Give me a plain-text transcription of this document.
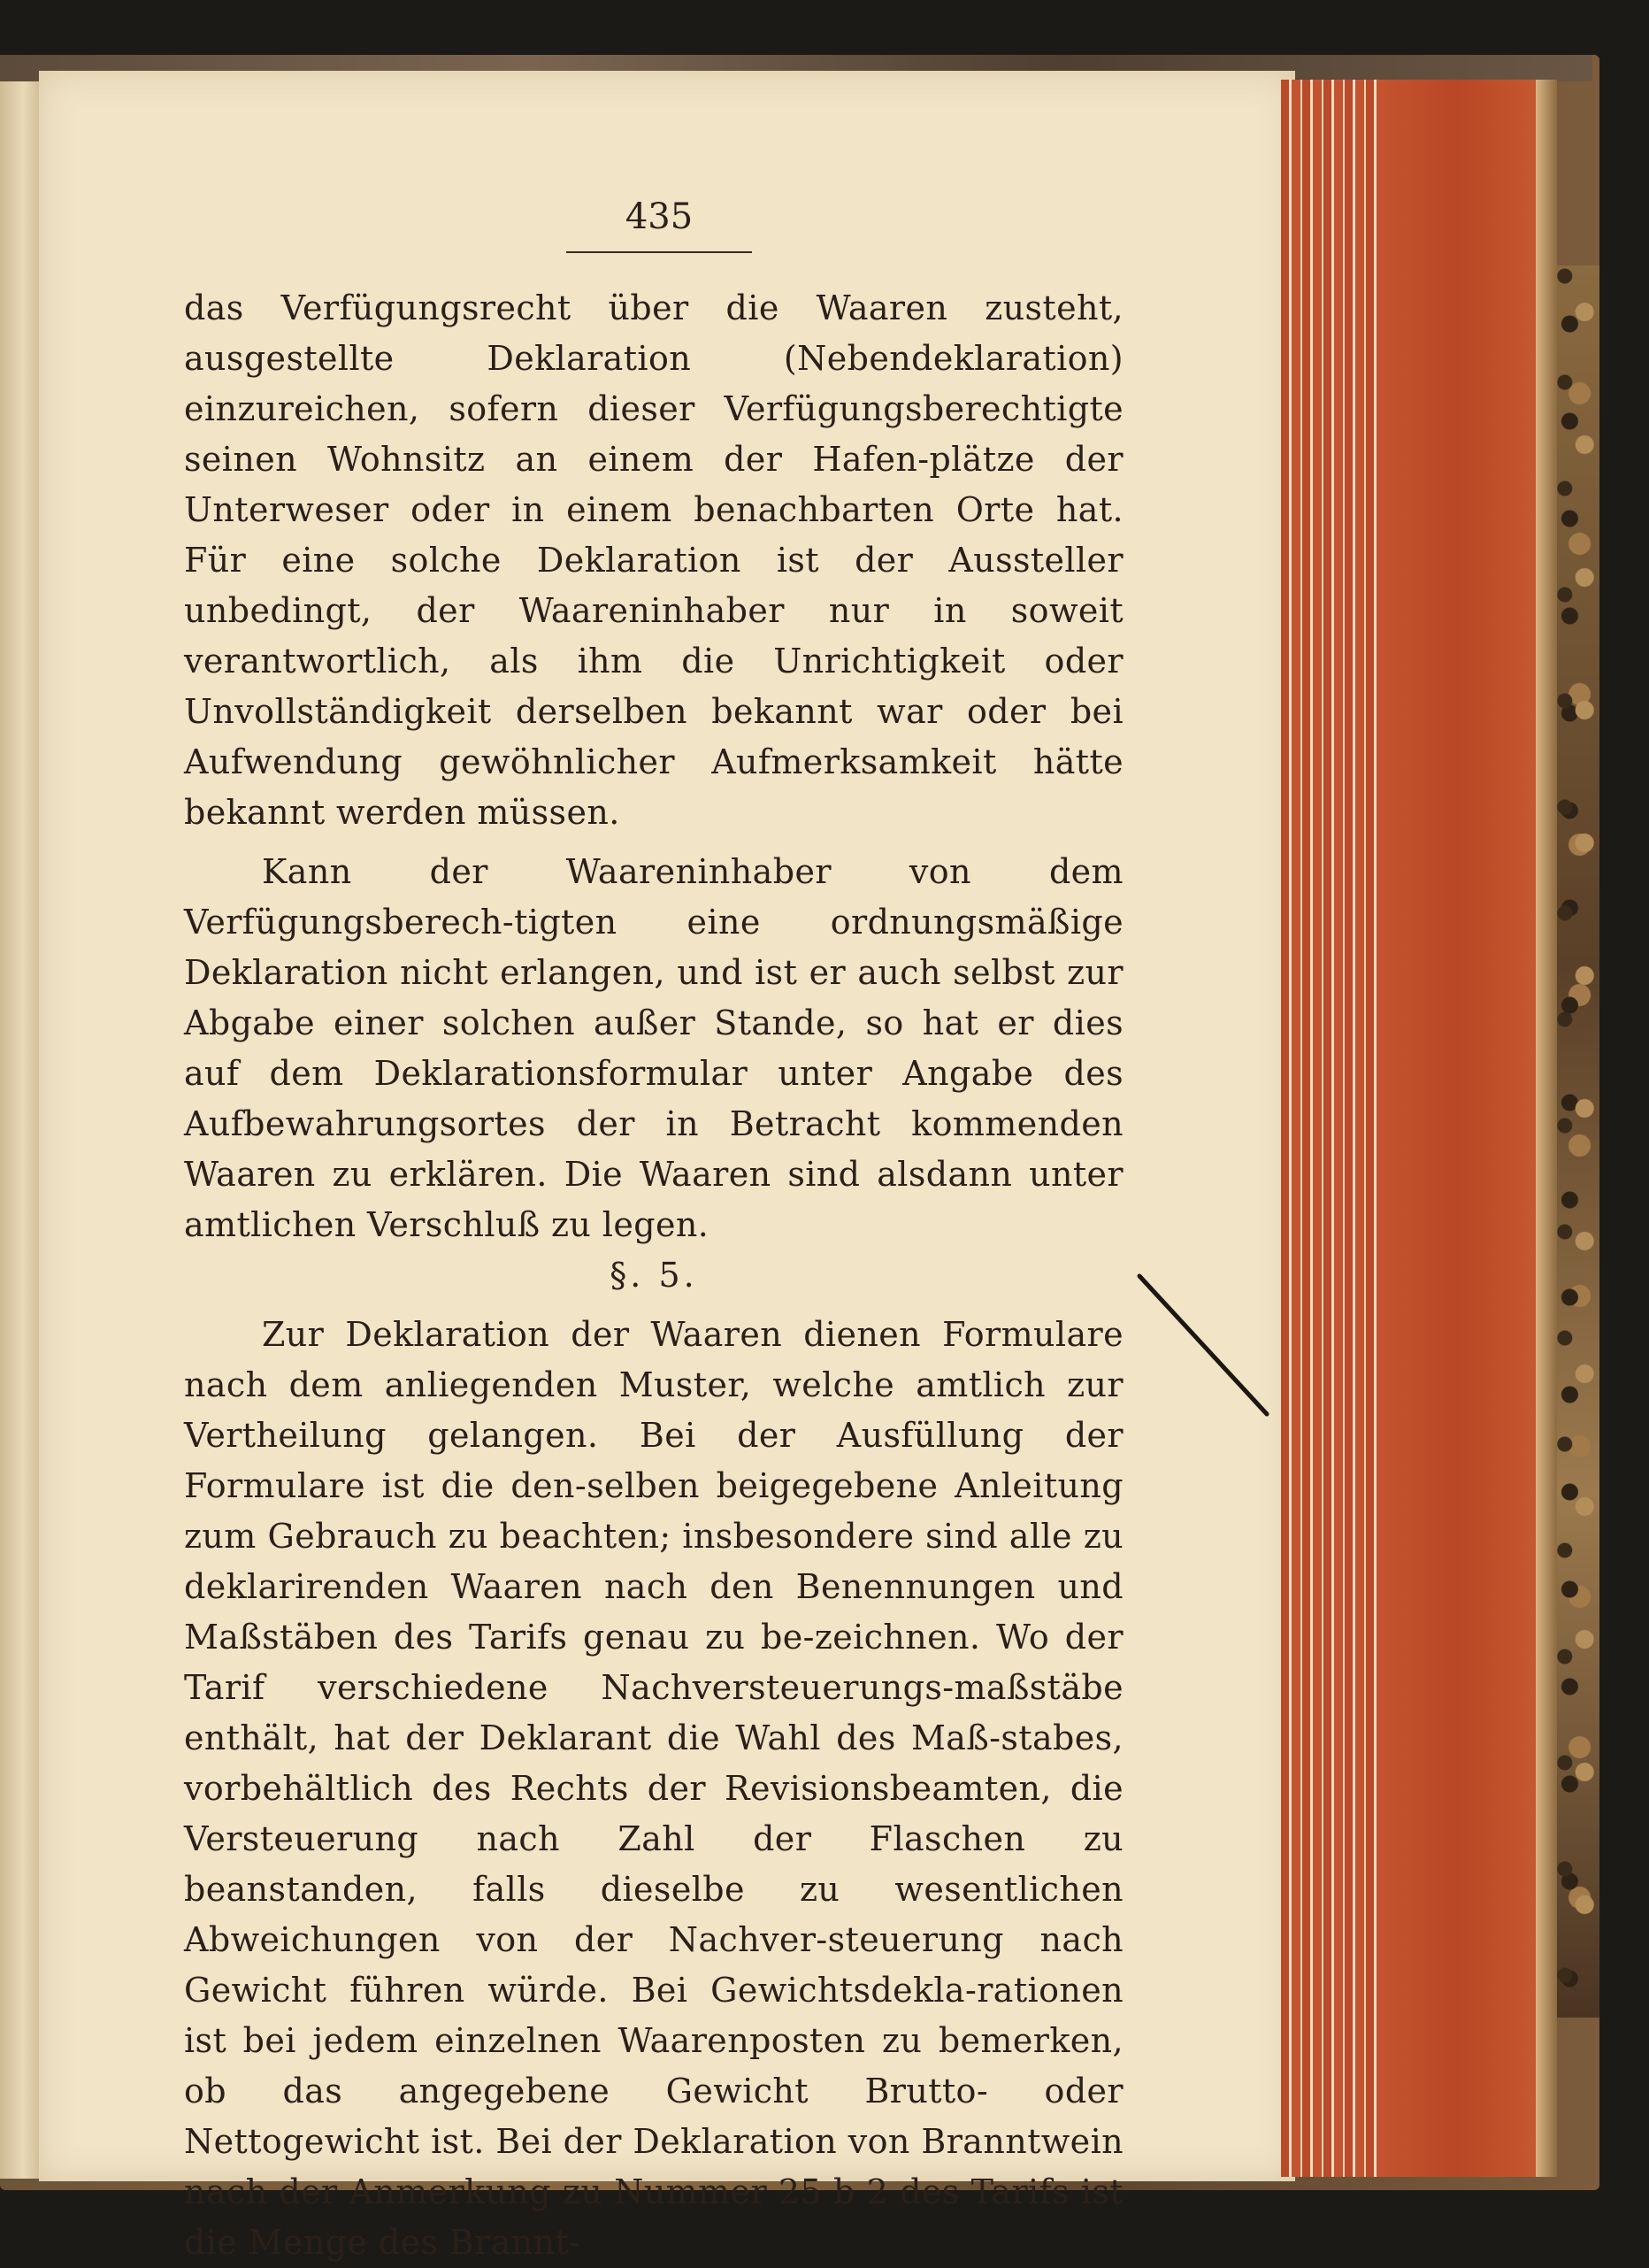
435

das Verfügungsrecht über die Waaren zusteht, ausgestellte Deklaration (Nebendeklaration) einzureichen, sofern dieser Verfügungsberechtigte seinen Wohnsitz an einem der Hafen-plätze der Unterweser oder in einem benachbarten Orte hat. Für eine solche Deklaration ist der Aussteller unbedingt, der Waareninhaber nur in soweit verantwortlich, als ihm die Unrichtigkeit oder Unvollständigkeit derselben bekannt war oder bei Aufwendung gewöhnlicher Aufmerksamkeit hätte bekannt werden müssen.

Kann der Waareninhaber von dem Verfügungsberech-tigten eine ordnungsmäßige Deklaration nicht erlangen, und ist er auch selbst zur Abgabe einer solchen außer Stande, so hat er dies auf dem Deklarationsformular unter Angabe des Aufbewahrungsortes der in Betracht kommenden Waaren zu erklären. Die Waaren sind alsdann unter amtlichen Verschluß zu legen.

§. 5.

Zur Deklaration der Waaren dienen Formulare nach dem anliegenden Muster, welche amtlich zur Vertheilung gelangen. Bei der Ausfüllung der Formulare ist die den-selben beigegebene Anleitung zum Gebrauch zu beachten; insbesondere sind alle zu deklarirenden Waaren nach den Benennungen und Maßstäben des Tarifs genau zu be-zeichnen. Wo der Tarif verschiedene Nachversteuerungs-maßstäbe enthält, hat der Deklarant die Wahl des Maß-stabes, vorbehältlich des Rechts der Revisionsbeamten, die Versteuerung nach Zahl der Flaschen zu beanstanden, falls dieselbe zu wesentlichen Abweichungen von der Nachver-steuerung nach Gewicht führen würde. Bei Gewichtsdekla-rationen ist bei jedem einzelnen Waarenposten zu bemerken, ob das angegebene Gewicht Brutto- oder Nettogewicht ist. Bei der Deklaration von Branntwein nach der Anmerkung zu Nummer 25 b 2 des Tarifs ist die Menge des Brannt-
